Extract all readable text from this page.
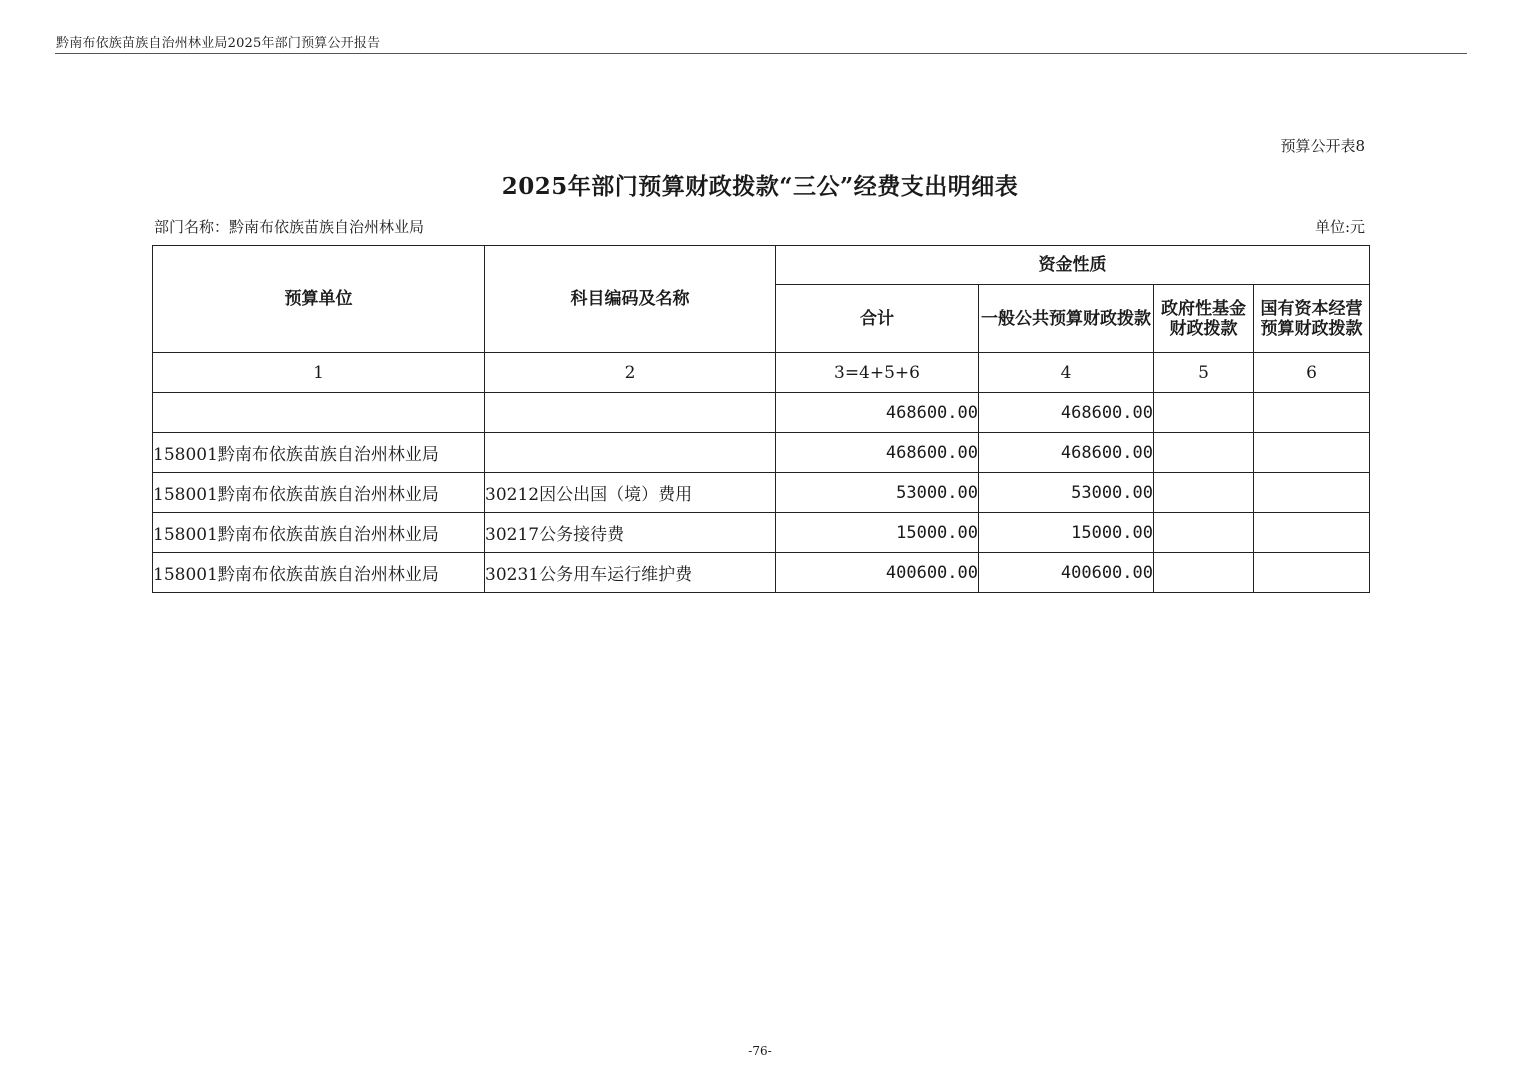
黔南布依族苗族自治州林业局2025年部门预算公开报告
预算公开表8
2025年部门预算财政拨款“三公”经费支出明细表
部门名称：黔南布依族苗族自治州林业局	单位:元
预算单位	科目编码及名称	资金性质			
		合计	一般公共预算财政拨款	政府性基金财政拨款	国有资本经营预算财政拨款
1	2	3=4+5+6	4	5	6
		468600.00	468600.00		
158001黔南布依族苗族自治州林业局		468600.00	468600.00		
158001黔南布依族苗族自治州林业局	30212因公出国（境）费用	53000.00	53000.00		
158001黔南布依族苗族自治州林业局	30217公务接待费	15000.00	15000.00		
158001黔南布依族苗族自治州林业局	30231公务用车运行维护费	400600.00	400600.00		
-76-
